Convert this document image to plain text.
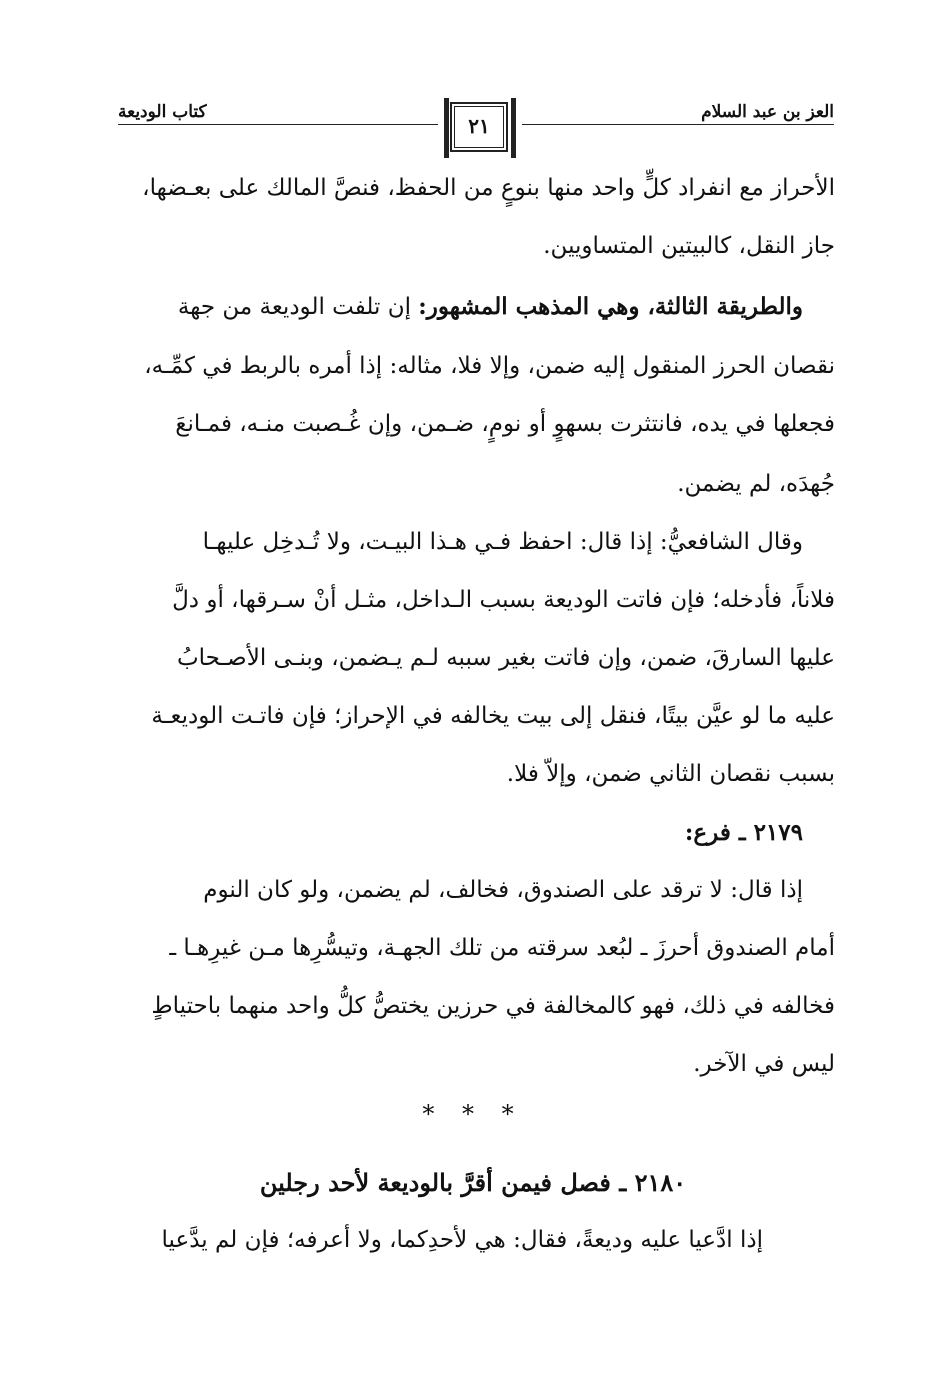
العز بن عبد السلام
٢١
كتاب الوديعة
الأحراز مع انفراد كلٍّ واحد منها بنوعٍ من الحفظ، فنصَّ المالك على بعـضها،
جاز النقل، كالبيتين المتساويين.
والطريقة الثالثة، وهي المذهب المشهور: إن تلفت الوديعة من جهة
نقصان الحرز المنقول إليه ضمن، وإلا فلا، مثاله: إذا أمره بالربط في كمِّـه،
فجعلها في يده، فانتثرت بسهوٍ أو نومٍ، ضـمن، وإن غُـصبت منـه، فمـانعَ
جُهدَه، لم يضمن.
وقال الشافعيُّ: إذا قال: احفظ فـي هـذا البيـت، ولا تُـدخِل عليهـا
فلاناً، فأدخله؛ فإن فاتت الوديعة بسبب الـداخل، مثـل أنْ سـرقها، أو دلَّ
عليها السارقَ، ضمن، وإن فاتت بغير سببه لـم يـضمن، وبنـى الأصـحابُ
عليه ما لو عيَّن بيتًا، فنقل إلى بيت يخالفه في الإحراز؛ فإن فاتـت الوديعـة
بسبب نقصان الثاني ضمن، وإلاّ فلا.
٢١٧٩ ـ فرع:
إذا قال: لا ترقد على الصندوق، فخالف، لم يضمن، ولو كان النوم
أمام الصندوق أحرزَ ـ لبُعد سرقته من تلك الجهـة، وتيسُّرِها مـن غيرِهـا ـ
فخالفه في ذلك، فهو كالمخالفة في حرزين يختصُّ كلُّ واحد منهما باحتياطٍ
ليس في الآخر.
إذا ادَّعيا عليه وديعةً، فقال: هي لأحدِكما، ولا أعرفه؛ فإن لم يدَّعيا
* * *
٢١٨٠ ـ فصل فيمن أقرَّ بالوديعة لأحد رجلين
